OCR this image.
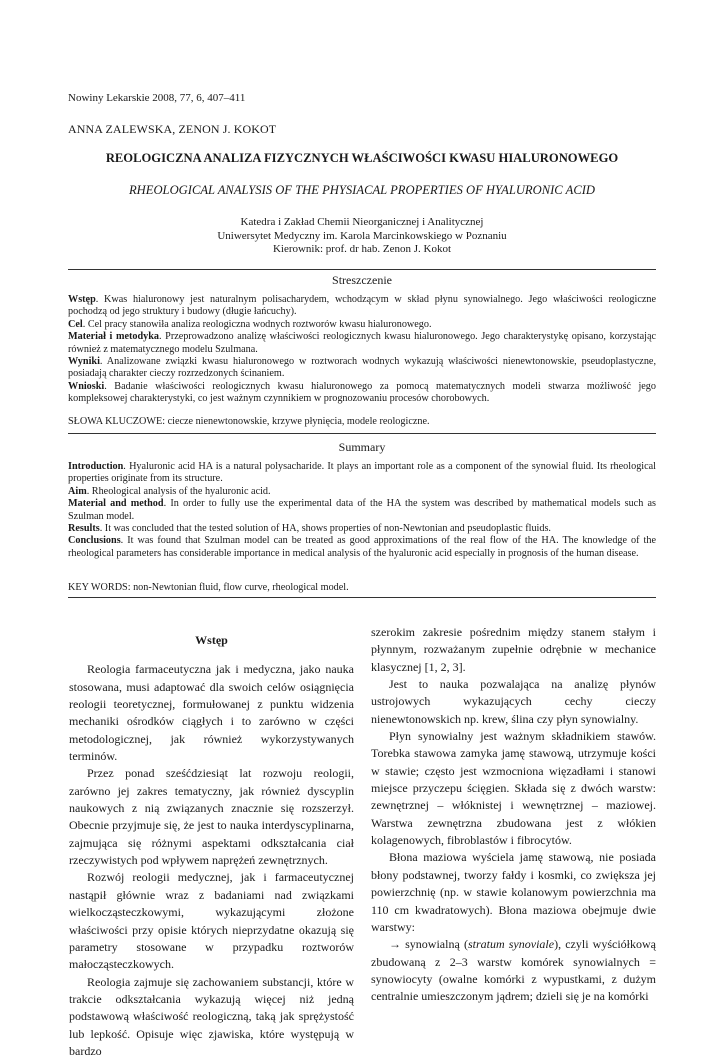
Nowiny Lekarskie 2008, 77, 6, 407–411
ANNA ZALEWSKA, ZENON J. KOKOT
REOLOGICZNA ANALIZA FIZYCZNYCH WŁAŚCIWOŚCI KWASU HIALURONOWEGO
RHEOLOGICAL ANALYSIS OF THE PHYSIACAL PROPERTIES OF HYALURONIC ACID
Katedra i Zakład Chemii Nieorganicznej i Analitycznej
Uniwersytet Medyczny im. Karola Marcinkowskiego w Poznaniu
Kierownik: prof. dr hab. Zenon J. Kokot
Streszczenie

Wstęp. Kwas hialuronowy jest naturalnym polisacharydem, wchodzącym w skład płynu synowialnego. Jego właściwości reologiczne pochodzą od jego struktury i budowy (długie łańcuchy).

Cel. Cel pracy stanowiła analiza reologiczna wodnych roztworów kwasu hialuronowego.

Materiał i metodyka. Przeprowadzono analizę właściwości reologicznych kwasu hialuronowego. Jego charakterystykę opisano, korzystając również z matematycznego modelu Szulmana.

Wyniki. Analizowane związki kwasu hialuronowego w roztworach wodnych wykazują właściwości nienewtonowskie, pseudoplastyczne, posiadają charakter cieczy rozrzedzonych ścinaniem.

Wnioski. Badanie właściwości reologicznych kwasu hialuronowego za pomocą matematycznych modeli stwarza możliwość jego kompleksowej charakterystyki, co jest ważnym czynnikiem w prognozowaniu procesów chorobowych.

SŁOWA KLUCZOWE: ciecze nienewtonowskie, krzywe płynięcia, modele reologiczne.
Summary

Introduction. Hyaluronic acid HA is a natural polysacharide. It plays an important role as a component of the synowial fluid. Its rheological properties originate from its structure.

Aim. Rheological analysis of the hyaluronic acid.

Material and method. In order to fully use the experimental data of the HA the system was described by mathematical models such as Szulman model.

Results. It was concluded that the tested solution of HA, shows properties of non-Newtonian and pseudoplastic fluids.

Conclusions. It was found that Szulman model can be treated as good approximations of the real flow of the HA. The knowledge of the rheological parameters has considerable importance in medical analysis of the hyaluronic acid especially in prognosis of the human disease.

KEY WORDS: non-Newtonian fluid, flow curve, rheological model.
Wstęp

Reologia farmaceutyczna jak i medyczna, jako nauka stosowana, musi adaptować dla swoich celów osiągnięcia reologii teoretycznej, formułowanej z punktu widzenia mechaniki ośrodków ciągłych i to zarówno w części metodologicznej, jak również wykorzystywanych terminów.

Przez ponad sześćdziesiąt lat rozwoju reologii, zarówno jej zakres tematyczny, jak również dyscyplin naukowych z nią związanych znacznie się rozszerzył. Obecnie przyjmuje się, że jest to nauka interdyscyplinarna, zajmująca się różnymi aspektami odkształcania ciał rzeczywistych pod wpływem naprężeń zewnętrznych.

Rozwój reologii medycznej, jak i farmaceutycznej nastąpił głównie wraz z badaniami nad związkami wielkocząsteczkowymi, wykazującymi złożone właściwości przy opisie których nieprzydatne okazują się parametry stosowane w przypadku roztworów małocząsteczkowych.

Reologia zajmuje się zachowaniem substancji, które w trakcie odkształcania wykazują więcej niż jedną podstawową właściwość reologiczną, taką jak sprężystość lub lepkość. Opisuje więc zjawiska, które występują w bardzo

szerokim zakresie pośrednim między stanem stałym i płynnym, rozważanym zupełnie odrębnie w mechanice klasycznej [1, 2, 3].

Jest to nauka pozwalająca na analizę płynów ustrojowych wykazujących cechy cieczy nienewtonowskich np. krew, ślina czy płyn synowialny.

Płyn synowialny jest ważnym składnikiem stawów. Torebka stawowa zamyka jamę stawową, utrzymuje kości w stawie; często jest wzmocniona więzadłami i stanowi miejsce przyczepu ścięgien. Składa się z dwóch warstw: zewnętrznej – włóknistej i wewnętrznej – maziowej. Warstwa zewnętrzna zbudowana jest z włókien kolagenowych, fibroblastów i fibrocytów.

Błona maziowa wyściela jamę stawową, nie posiada błony podstawnej, tworzy fałdy i kosmki, co zwiększa jej powierzchnię (np. w stawie kolanowym powierzchnia ma 110 cm kwadratowych). Błona maziowa obejmuje dwie warstwy:

→ synowialną (stratum synoviale), czyli wyściółkową zbudowaną z 2–3 warstw komórek synowialnych = synowiocyty (owalne komórki z wypustkami, z dużym centralnie umieszczonym jądrem; dzieli się je na komórki
